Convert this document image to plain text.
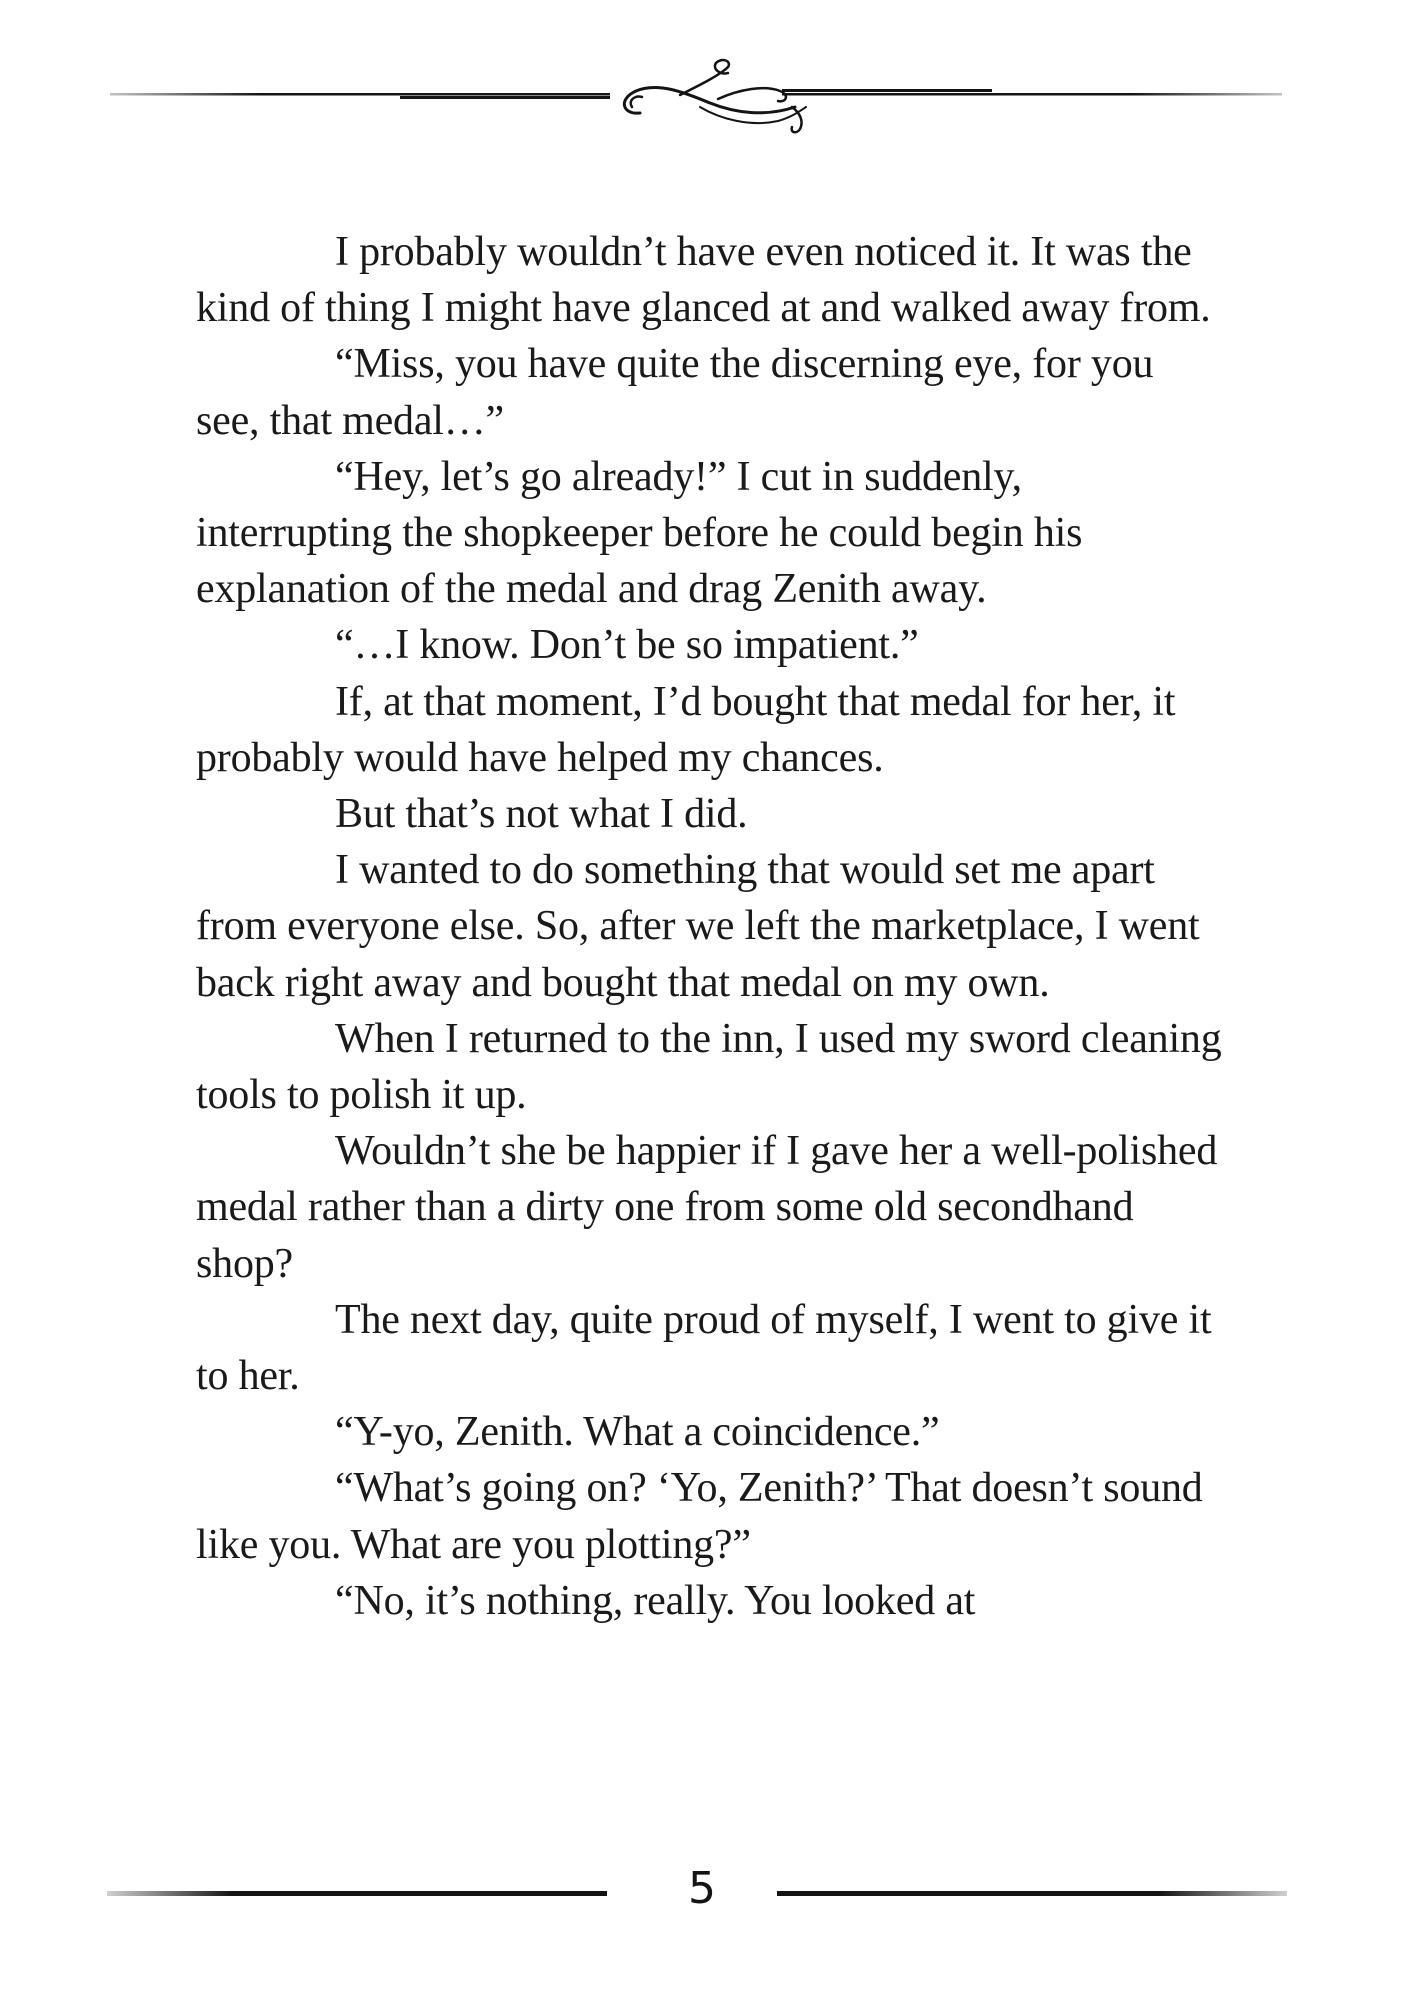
I probably wouldn’t have even noticed it. It was the kind of thing I might have glanced at and walked away from.

“Miss, you have quite the discerning eye, for you see, that medal…”

“Hey, let’s go already!” I cut in suddenly, interrupting the shopkeeper before he could begin his explanation of the medal and drag Zenith away.

“…I know. Don’t be so impatient.”

If, at that moment, I’d bought that medal for her, it probably would have helped my chances.

But that’s not what I did.

I wanted to do something that would set me apart from everyone else. So, after we left the marketplace, I went back right away and bought that medal on my own.

When I returned to the inn, I used my sword cleaning tools to polish it up.

Wouldn’t she be happier if I gave her a well-polished medal rather than a dirty one from some old secondhand shop?

The next day, quite proud of myself, I went to give it to her.

“Y-yo, Zenith. What a coincidence.”

“What’s going on? ‘Yo, Zenith?’ That doesn’t sound like you. What are you plotting?”

“No, it’s nothing, really. You looked at

5
